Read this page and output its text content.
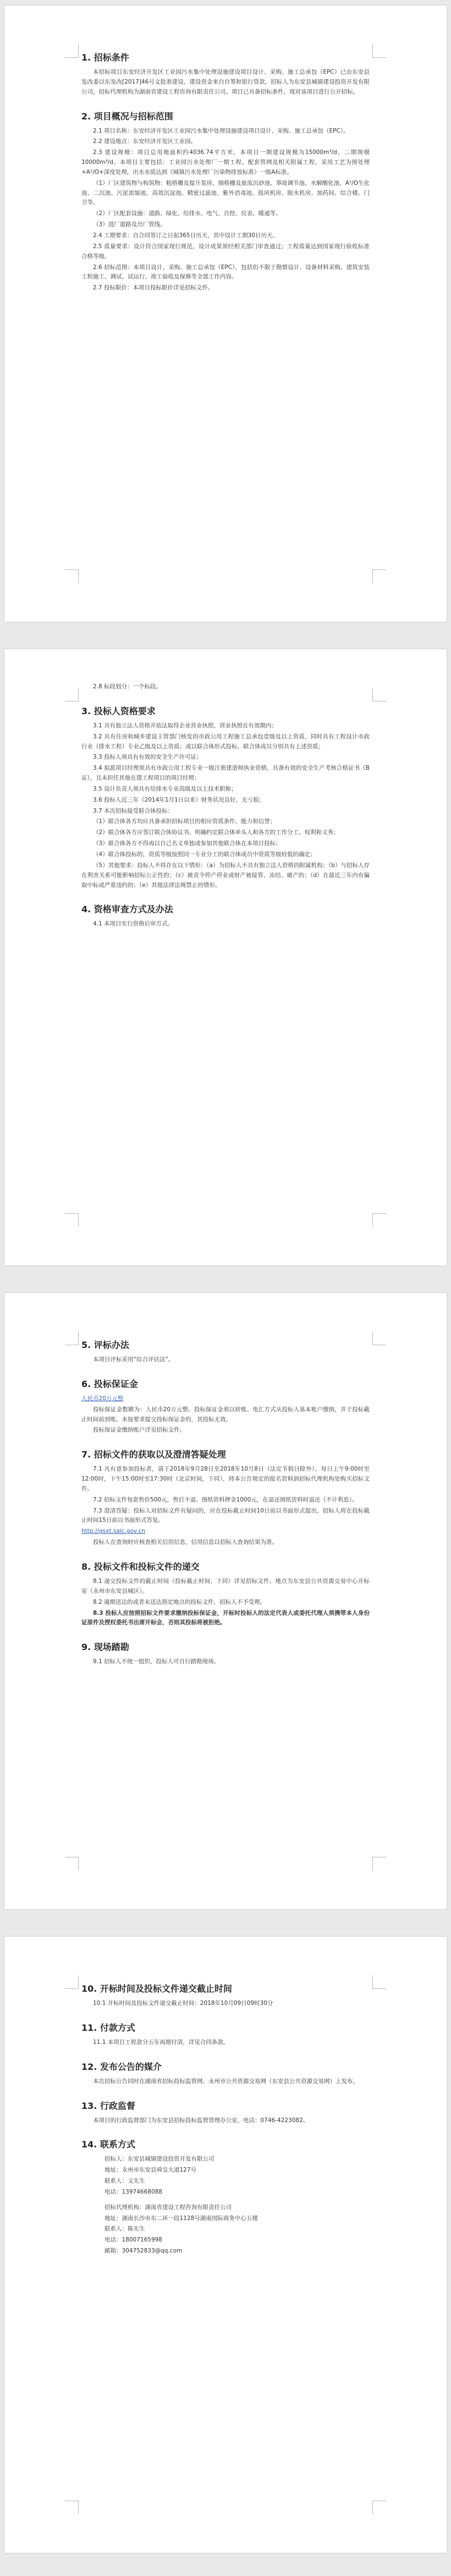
1. 招标条件

本招标项目东安经济开发区工业园污水集中处理设施建设项目设计、采购、施工总承包（EPC）已由东安县发改委以东发改[2017]46号文批准建设，建设资金来自自筹和银行贷款，招标人为东安县城镇建设投资开发有限公司，招标代理机构为湖南省建设工程咨询有限责任公司。项目已具备招标条件，现对该项目进行公开招标。

2. 项目概况与招标范围

2.1 项目名称：东安经济开发区工业园污水集中处理设施建设项目设计、采购、施工总承包（EPC）。

2.2 建设地点：东安经济开发区工业园。

2.3 建设规模：项目总用地面积约4036.74平方米，本项目一期建设规模为15000m³/d，二期规模10000m³/d。本项目主要包括：工业园污水处理厂一期工程、配套管网及相关附属工程，采用工艺为预处理+A²/O+深度处理，出水水质达到《城镇污水处理厂污染物排放标准》一级A标准。

（1）厂区建筑物与构筑物：粗格栅及提升泵房、细格栅及旋流沉砂池、事故调节池、水解酸化池、A²/O生化池、二沉池、污泥浓缩池、高效沉淀池、精密过滤池、紫外消毒池、鼓风机房、脱水机房、加药间、综合楼、门卫等。

（2）厂区配套设施：道路、绿化、给排水、电气、自控、仪表、暖通等。

（3）进厂道路及出厂管线。

2.4 工期要求：自合同签订之日起365日历天，其中设计工期30日历天。

2.5 质量要求：设计符合国家现行规范，设计成果须经相关部门审查通过；工程质量达到国家现行验收标准合格等级。

2.6 招标范围：本项目设计、采购、施工总承包（EPC），包括但不限于勘察设计、设备材料采购、建筑安装工程施工、调试、试运行、竣工验收及保修等全部工作内容。

2.7 投标限价：本项目投标限价详见招标文件。

2.8 标段划分：一个标段。

3. 投标人资格要求

3.1 具有独立法人资格并依法取得企业营业执照，营业执照在有效期内；

3.2 具有住房和城乡建设主管部门核发的市政公用工程施工总承包壹级及以上资质，同时具有工程设计市政行业（排水工程）专业乙级及以上资质；或以联合体形式投标，联合体成员分别具有上述资质；

3.3 投标人须具有有效的安全生产许可证；

3.4 拟派项目经理须具有市政公用工程专业一级注册建造师执业资格，具备有效的安全生产考核合格证书（B证），且未担任其他在建工程项目的项目经理；

3.5 设计负责人须具有给排水专业高级及以上技术职称；

3.6 投标人近三年（2014年1月1日以来）财务状况良好，无亏损；

3.7 本次招标接受联合体投标：

（1）联合体各方均应具备承担招标项目的相应资质条件、能力和信誉；

（2）联合体各方应签订联合体协议书，明确约定联合体牵头人和各方的工作分工、权利和义务；

（3）联合体各方不得再以自己名义单独或参加其他联合体在本项目投标；

（4）联合体投标的，资质等级按照同一专业分工的联合体成员中资质等级较低的确定；

（5）其他要求：投标人不得存在以下情形：（a）为招标人不具有独立法人资格的附属机构；（b）与招标人存在利害关系可能影响招标公正性的；（c）被责令停产停业或财产被接管、冻结、破产的；（d）在最近三年内有骗取中标或严重违约的；（e）其他法律法规禁止的情形。

4. 资格审查方式及办法

4.1 本项目实行资格后审方式。

5. 评标办法

本项目评标采用“综合评估法”。

6. 投标保证金

人民币20万元整

投标保证金数额为：人民币20万元整。投标保证金须以转账、电汇方式从投标人基本账户缴纳，并于投标截止时间前到账。未按要求提交投标保证金的，其投标无效。

投标保证金缴纳账户详见招标文件。

7. 招标文件的获取以及澄清答疑处理

7.1 凡有意参加投标者，请于2018年9月28日至2018年10月8日（法定节假日除外），每日上午9:00时至12:00时，下午15:00时至17:30时（北京时间，下同），持本公告规定的报名资料到招标代理机构处购买招标文件。

7.2 招标文件每套售价500元，售后不退。图纸资料押金1000元，在退还图纸资料时退还（不计利息）。

7.3 澄清答疑：投标人对招标文件有疑问的，应在投标截止时间10日前以书面形式提出，招标人将在投标截止时间15日前以书面形式答复。

http://gsxt.saic.gov.cn

投标人在查询时应核查相关信用信息，信用信息以招标人查询结果为准。

8. 投标文件和投标文件的递交

8.1 递交投标文件的截止时间（投标截止时间，下同）详见招标文件。地点为东安县公共资源交易中心开标室（永州市东安县城区）。

8.2 逾期送达的或者未送达指定地点的投标文件，招标人不予受理。

8.3 投标人应按照招标文件要求缴纳投标保证金，开标时投标人的法定代表人或委托代理人须携带本人身份证原件及授权委托书出席开标会，否则其投标将被拒绝。

9. 现场踏勘

9.1 招标人不统一组织，投标人可自行踏勘现场。

10. 开标时间及投标文件递交截止时间

10.1 开标时间及投标文件递交截止时间：2018年10月09日09时30分

11. 付款方式

11.1 本项目工程款分五年再期付清，详见合同条款。

12. 发布公告的媒介

本次招标公告同时在湖南省招标投标监管网、永州市公共资源交易网（东安县公共资源交易网）上发布。

13. 行政监督

本项目的行政监督部门为东安县招标投标监督管理办公室，电话：0746-4223082。

14. 联系方式

招标人：东安县城镇建设投资开发有限公司

地址：永州市东安县舜皇大道127号

联系人：文先生

电话：13974668088

招标代理机构：湖南省建设工程咨询有限责任公司

地址：湖南长沙市东二环一段1128号湖南国际商务中心五楼

联系人：陈先生

电话：18007165998

邮箱：304752833@qq.com
